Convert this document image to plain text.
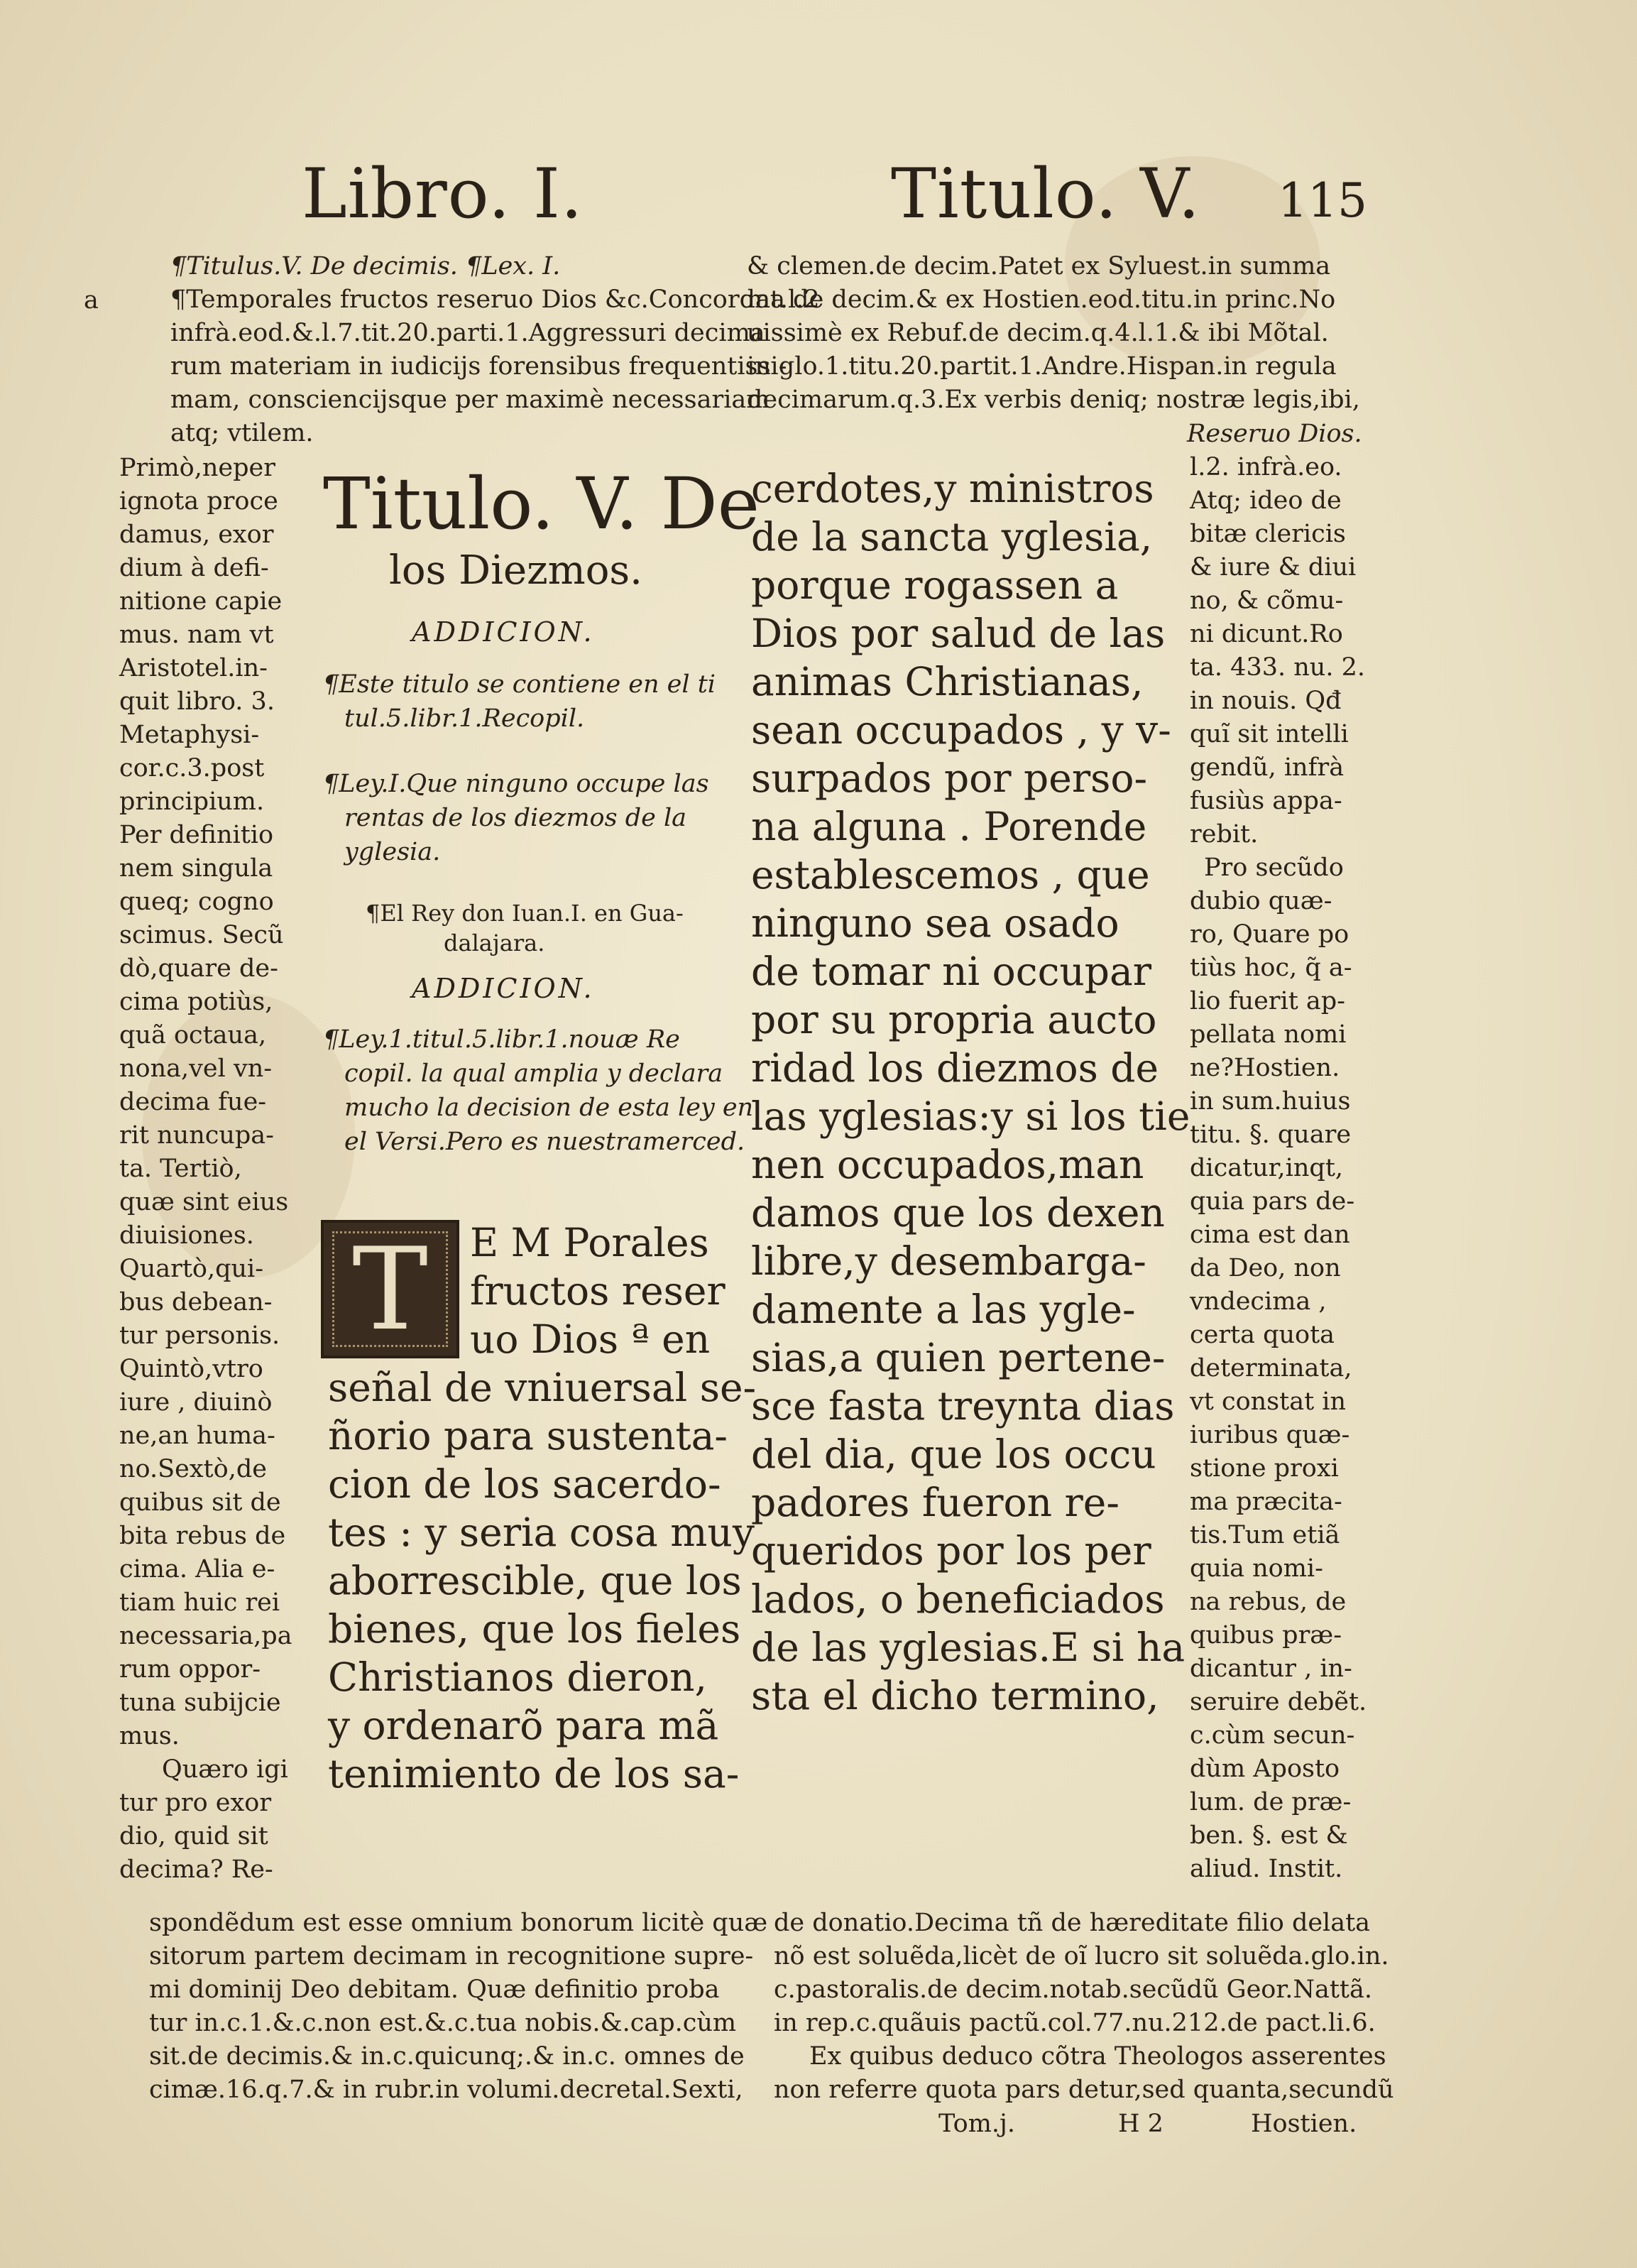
Libro. I.	Titulo. V. 115
¶Titulus.V. De decimis. ¶Lex. I.
¶Temporales fructos reseruo Dios &c.Concordat.l.2
infrà.eod.&.l.7.tit.20.parti.1.Aggressuri decima
rum materiam in iudicijs forensibus frequentissi-
mam, consciencijsque per maximè necessariam
atq; vtilem.
a
& clemen.de decim.Patet ex Syluest.in summa
ma de decim.& ex Hostien.eod.titu.in princ.No
uissimè ex Rebuf.de decim.q.4.l.1.& ibi Mõtal.
in glo.1.titu.20.partit.1.Andre.Hispan.in regula
decimarum.q.3.Ex verbis deniq; nostræ legis,ibi,
Reseruo Dios.
Primò,neper
ignota proce
damus, exor
dium à defi-
nitione capie
mus. nam vt
Aristotel.in-
quit libro. 3.
Metaphysi-
cor.c.3.post
principium.
Per definitio
nem singula
queq; cogno
scimus. Secũ
dò,quare de-
cima potiùs,
quã octaua,
nona,vel vn-
decima fue-
rit nuncupa-
ta. Tertiò,
quæ sint eius
diuisiones.
Quartò,qui-
bus debean-
tur personis.
Quintò,vtro
iure , diuinò
ne,an huma-
no.Sextò,de
quibus sit de
bita rebus de
cima. Alia e-
tiam huic rei
necessaria,pa
rum oppor-
tuna subijcie
mus.
Quæro igi
tur pro exor
dio, quid sit
decima? Re-
Titulo. V. De
los Diezmos.
ADDICION.
¶Este titulo se contiene en el ti
tul.5.libr.1.Recopil.
¶Ley.I.Que ninguno occupe las
rentas de los diezmos de la
yglesia.
¶El Rey don Iuan.I. en Gua-
dalajara.
ADDICION.
¶Ley.1.titul.5.libr.1.nouæ Re
copil. la qual amplia y declara
mucho la decision de esta ley en
el Versi.Pero es nuestramerced.
T	E M Porales
fructos reser
uo Dios ª en
señal de vniuersal se-
ñorio para sustenta-
cion de los sacerdo-
tes : y seria cosa muy
aborrescible, que los
bienes, que los fieles
Christianos dieron,
y ordenarõ para mã
tenimiento de los sa-
cerdotes,y ministros
de la sancta yglesia,
porque rogassen a
Dios por salud de las
animas Christianas,
sean occupados , y v-
surpados por perso-
na alguna . Porende
establescemos , que
ninguno sea osado
de tomar ni occupar
por su propria aucto
ridad los diezmos de
las yglesias:y si los tie
nen occupados,man
damos que los dexen
libre,y desembarga-
damente a las ygle-
sias,a quien pertene-
sce fasta treynta dias
del dia, que los occu
padores fueron re-
queridos por los per
lados, o beneficiados
de las yglesias.E si ha
sta el dicho termino,
l.2. infrà.eo.
Atq; ideo de
bitæ clericis
& iure & diui
no, & cõmu-
ni dicunt.Ro
ta. 433. nu. 2.
in nouis. Qđ
quĩ sit intelli
gendũ, infrà
fusiùs appa-
rebit.
Pro secũdo
dubio quæ-
ro, Quare po
tiùs hoc, q̃ a-
lio fuerit ap-
pellata nomi
ne?Hostien.
in sum.huius
titu. §. quare
dicatur,inqt,
quia pars de-
cima est dan
da Deo, non
vndecima ,
certa quota
determinata,
vt constat in
iuribus quæ-
stione proxi
ma præcita-
tis.Tum etiã
quia nomi-
na rebus, de
quibus præ-
dicantur , in-
seruire debẽt.
c.cùm secun-
dùm Aposto
lum. de præ-
ben. §. est &
aliud. Instit.
spondẽdum est esse omnium bonorum licitè quæ
sitorum partem decimam in recognitione supre-
mi dominij Deo debitam. Quæ definitio proba
tur in.c.1.&.c.non est.&.c.tua nobis.&.cap.cùm
sit.de decimis.& in.c.quicunq;.& in.c. omnes de
cimæ.16.q.7.& in rubr.in volumi.decretal.Sexti,
de donatio.Decima tñ de hæreditate filio delata
nõ est soluẽda,licèt de oĩ lucro sit soluẽda.glo.in.
c.pastoralis.de decim.notab.secũdũ Geor.Nattã.
in rep.c.quãuis pactũ.col.77.nu.212.de pact.li.6.
Ex quibus deduco cõtra Theologos asserentes
non referre quota pars detur,sed quanta,secundũ
Tom.j.	H 2	Hostien.
